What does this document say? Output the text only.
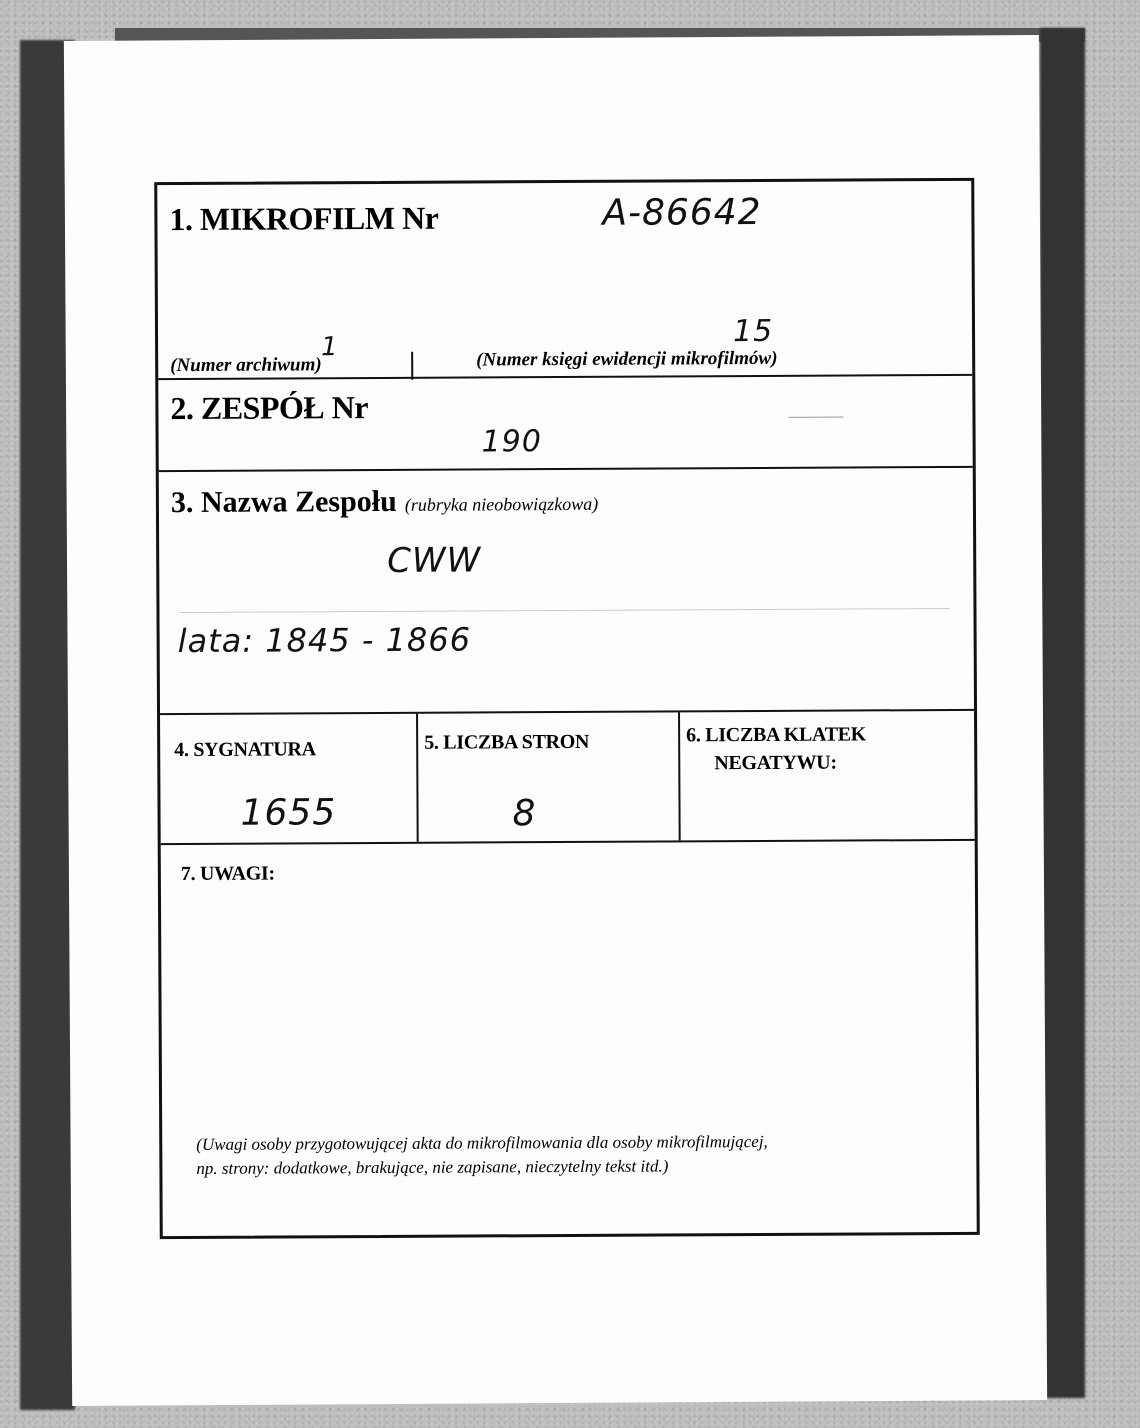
1. MIKROFILM Nr	A-86642
1	15
(Numer archiwum)	(Numer księgi ewidencji mikrofilmów)
2. ZESPÓŁ Nr
190
3. Nazwa Zespołu (rubryka nieobowiązkowa)
CWW
lata: 1845 - 1866
4. SYGNATURA
1655
5. LICZBA STRON
8
6. LICZBA KLATEK
NEGATYWU:
7. UWAGI:
(Uwagi osoby przygotowującej akta do mikrofilmowania dla osoby mikrofilmującej,
np. strony: dodatkowe, brakujące, nie zapisane, nieczytelny tekst itd.)
